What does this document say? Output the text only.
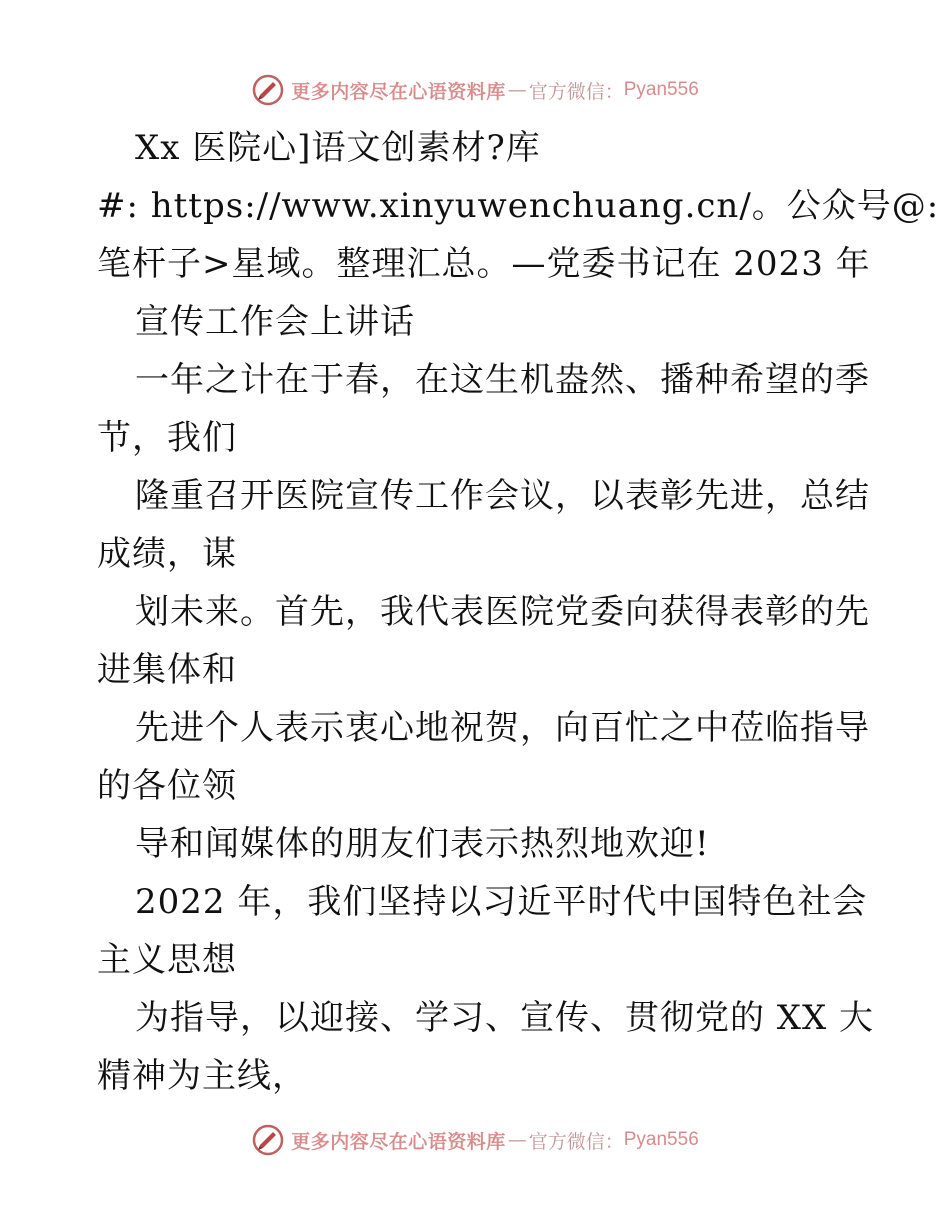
更多内容尽在心语资料库 — 官方微信： Pyan556
Xx 医院心]语文创素材?库
#: https://www.xinyuwenchuang.cn/。公众号@:
笔杆子>星域。整理汇总。—党委书记在 2023 年
宣传工作会上讲话
一年之计在于春，在这生机盎然、播种希望的季
节，我们
隆重召开医院宣传工作会议，以表彰先进，总结
成绩，谋
划未来。首先，我代表医院党委向获得表彰的先
进集体和
先进个人表示衷心地祝贺，向百忙之中莅临指导
的各位领
导和闻媒体的朋友们表示热烈地欢迎!
2022 年，我们坚持以习近平时代中国特色社会
主义思想
为指导，以迎接、学习、宣传、贯彻党的 XX 大
精神为主线，
更多内容尽在心语资料库 — 官方微信： Pyan556
